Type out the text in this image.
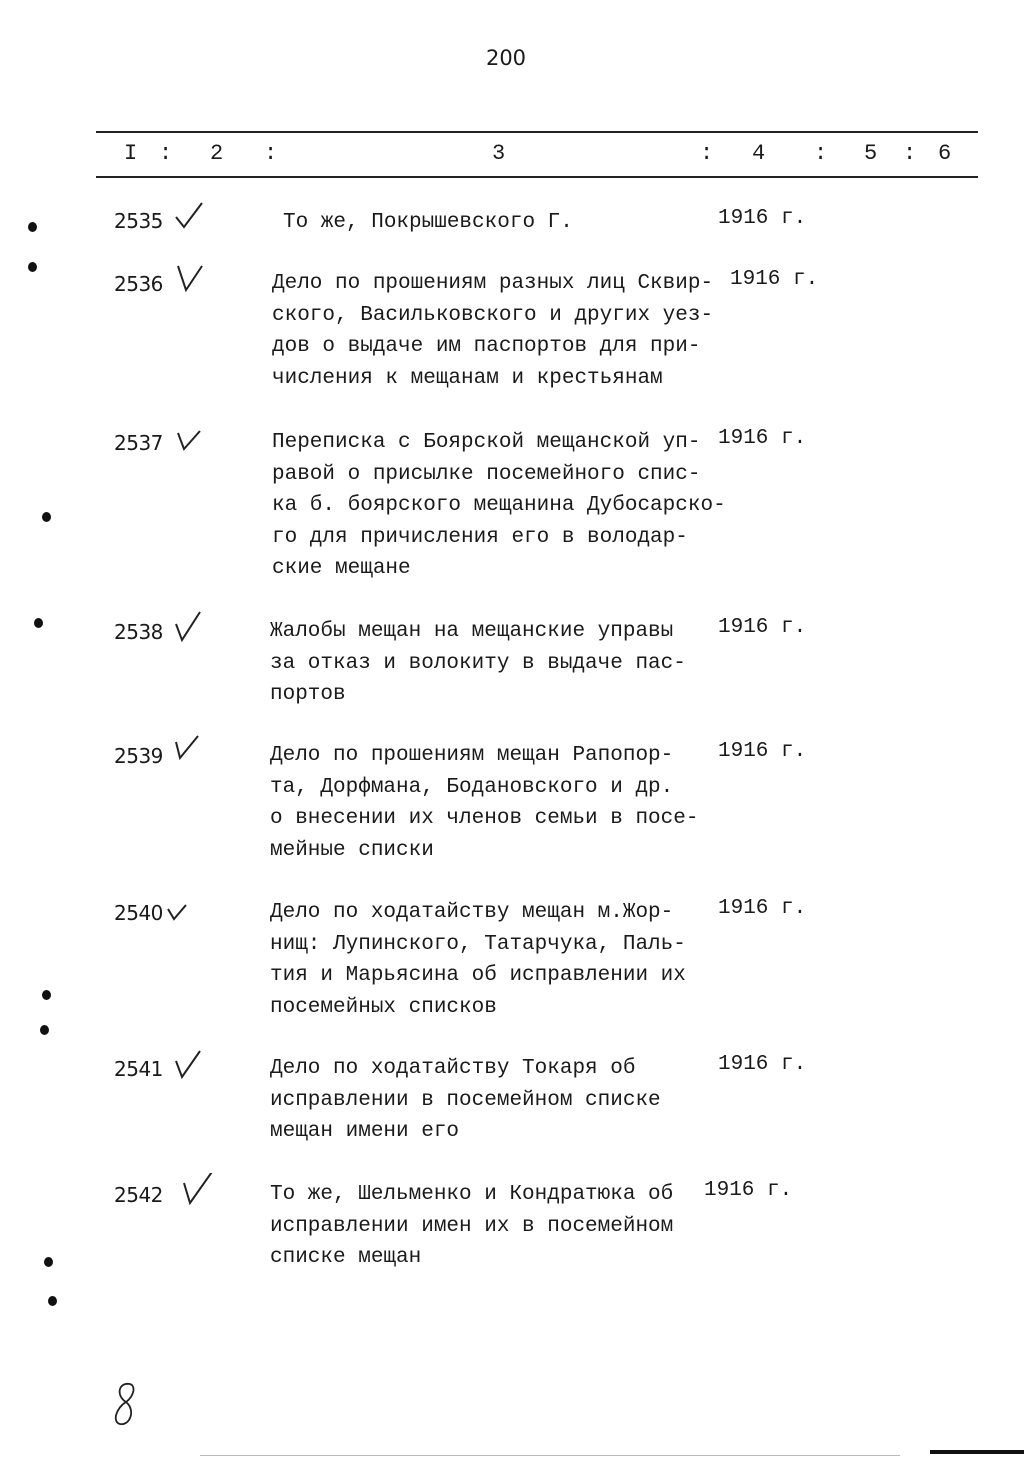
200
I : 2 :	3	: 4 : 5 : 6
2535	То же, Покрышевского Г.	1916 г.
2536	Дело по прошениям разных лиц Сквир-
ского, Васильковского и других уез-
дов о выдаче им паспортов для при-
числения к мещанам и крестьянам
1916 г.
2537	Переписка с Боярской мещанской уп-
равой о присылке посемейного спис-
ка б. боярского мещанина Дубосарско-
го для причисления его в володар-
ские мещане
1916 г.
2538	Жалобы мещан на мещанские управы
за отказ и волокиту в выдаче пас-
портов
1916 г.
2539	Дело по прошениям мещан Рапопор-
та, Дорфмана, Бодановского и др.
о внесении их членов семьи в посе-
мейные списки
1916 г.
2540	Дело по ходатайству мещан м.Жор-
нищ: Лупинского, Татарчука, Паль-
тия и Марьясина об исправлении их
посемейных списков
1916 г.
2541	Дело по ходатайству Токаря об
исправлении в посемейном списке
мещан имени его
1916 г.
2542	То же, Шельменко и Кондратюка об
исправлении имен их в посемейном
списке мещан
1916 г.
